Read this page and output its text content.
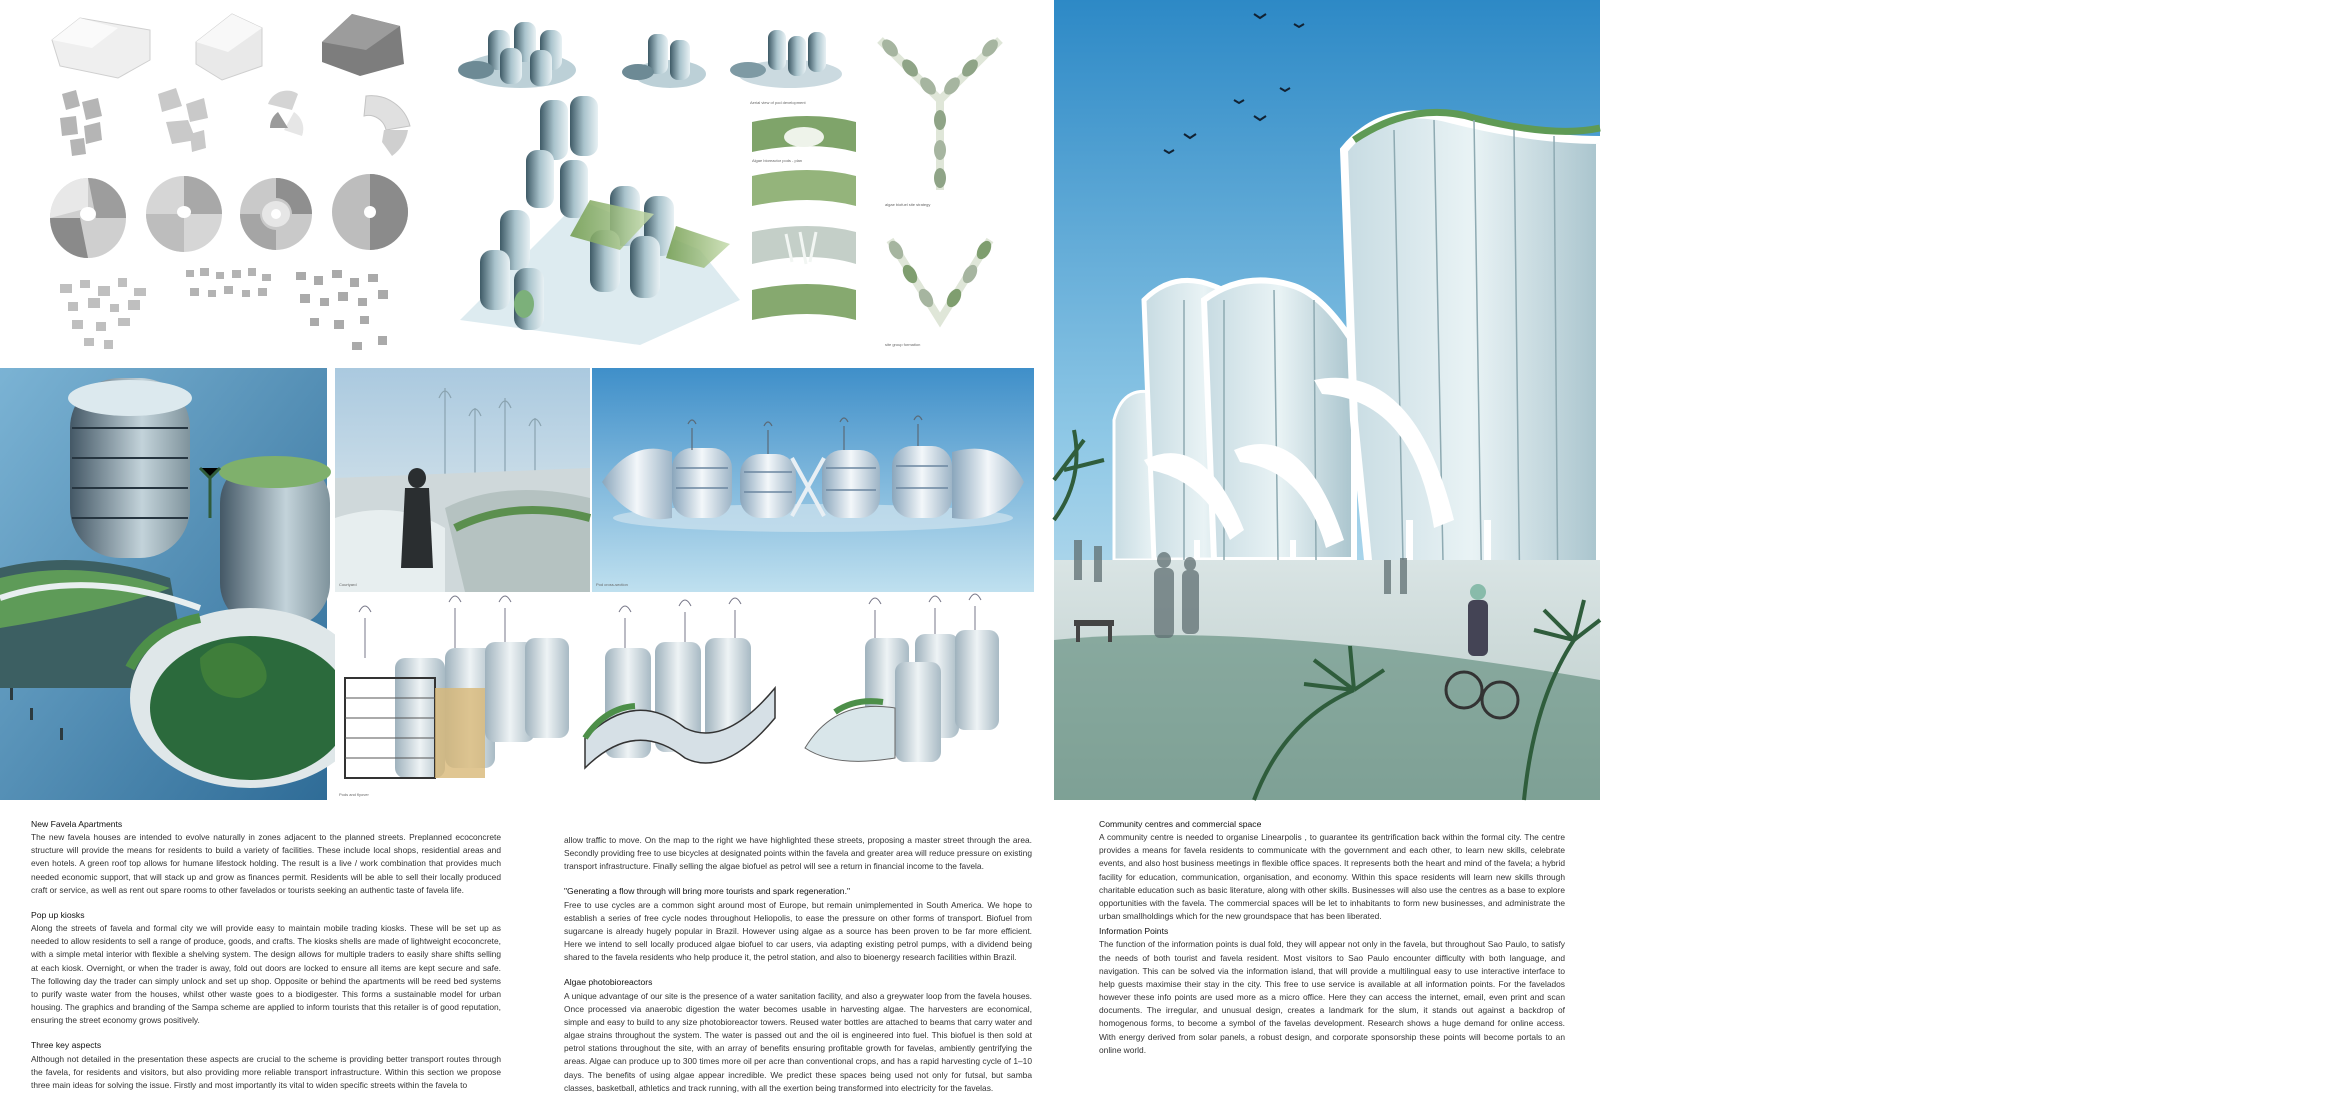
Aerial view of pod development
Algae bioreactor pods - plan
algae biofuel site strategy
site group formation
Linearpolis 2011
Courtyard	Pod cross-section
Pods and flyover
New Favela Apartments

The new favela houses are intended to evolve naturally in zones adjacent to the planned streets. Preplanned ecoconcrete structure will provide the means for residents to build a variety of facilities. These include local shops, residential areas and even hotels. A green roof top allows for humane lifestock holding. The result is a live / work combination that provides much needed economic support, that will stack up and grow as finances permit. Residents will be able to sell their locally produced craft or service, as well as rent out spare rooms to other favelados or tourists seeking an authentic taste of favela life.

Pop up kiosks

Along the streets of favela and formal city we will provide easy to maintain mobile trading kiosks. These will be set up as needed to allow residents to sell a range of produce, goods, and crafts. The kiosks shells are made of lightweight ecoconcrete, with a simple metal interior with flexible a shelving system. The design allows for multiple traders to easily share shifts selling at each kiosk. Overnight, or when the trader is away, fold out doors are locked to ensure all items are kept secure and safe. The following day the trader can simply unlock and set up shop. Opposite or behind the apartments will be reed bed systems to purify waste water from the houses, whilst other waste goes to a biodigester. This forms a sustainable model for urban housing. The graphics and branding of the Sampa scheme are applied to inform tourists that this retailer is of good reputation, ensuring the street economy grows positively.

Three key aspects

Although not detailed in the presentation these aspects are crucial to the scheme is providing better transport routes through the favela, for residents and visitors, but also providing more reliable transport infrastructure. Within this section we propose three main ideas for solving the issue. Firstly and most importantly its vital to widen specific streets within the favela to

allow traffic to move. On the map to the right we have highlighted these streets, proposing a master street through the area. Secondly providing free to use bicycles at designated points within the favela and greater area will reduce pressure on existing transport infrastructure. Finally selling the algae biofuel as petrol will see a return in financial income to the favela.

"Generating a flow through will bring more tourists and spark regeneration."

Free to use cycles are a common sight around most of Europe, but remain unimplemented in South America. We hope to establish a series of free cycle nodes throughout Heliopolis, to ease the pressure on other forms of transport. Biofuel from sugarcane is already hugely popular in Brazil. However using algae as a source has been proven to be far more efficient. Here we intend to sell locally produced algae biofuel to car users, via adapting existing petrol pumps, with a dividend being shared to the favela residents who help produce it, the petrol station, and also to bioenergy research facilities within Brazil.

Algae photobioreactors

A unique advantage of our site is the presence of a water sanitation facility, and also a greywater loop from the favela houses. Once processed via anaerobic digestion the water becomes usable in harvesting algae. The harvesters are economical, simple and easy to build to any size photobioreactor towers. Reused water bottles are attached to beams that carry water and algae strains throughout the system. The water is passed out and the oil is engineered into fuel. This biofuel is then sold at petrol stations throughout the site, with an array of benefits ensuring profitable growth for favelas, ambiently gentrifying the areas. Algae can produce up to 300 times more oil per acre than conventional crops, and has a rapid harvesting cycle of 1–10 days. The benefits of using algae appear incredible. We predict these spaces being used not only for futsal, but samba classes, basketball, athletics and track running, with all the exertion being transformed into electricity for the favelas.

Community centres and commercial space

A community centre is needed to organise Linearpolis , to guarantee its gentrification back within the formal city. The centre provides a means for favela residents to communicate with the government and each other, to learn new skills, celebrate events, and also host business meetings in flexible office spaces. It represents both the heart and mind of the favela; a hybrid facility for education, communication, organisation, and economy. Within this space residents will learn new skills through charitable education such as basic literature, along with other skills. Businesses will also use the centres as a base to explore opportunities with the favela. The commercial spaces will be let to inhabitants to form new businesses, and administrate the urban smallholdings which for the new groundspace that has been liberated.

Information Points

The function of the information points is dual fold, they will appear not only in the favela, but throughout Sao Paulo, to satisfy the needs of both tourist and favela resident. Most visitors to Sao Paulo encounter difficulty with both language, and navigation. This can be solved via the information island, that will provide a multilingual easy to use interactive interface to help guests maximise their stay in the city. This free to use service is available at all information points. For the favelados however these info points are used more as a micro office. Here they can access the internet, email, even print and scan documents. The irregular, and unusual design, creates a landmark for the slum, it stands out against a backdrop of homogenous forms, to become a symbol of the favelas development. Research shows a huge demand for online access. With energy derived from solar panels, a robust design, and corporate sponsorship these points will become portals to an online world.
